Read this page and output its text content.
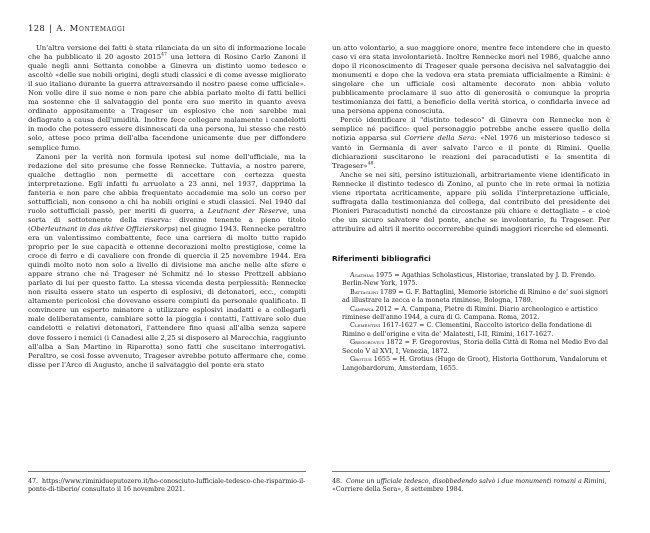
128 | A. Montemaggi

Un'altra versione dei fatti è stata rilanciata da un sito di informazione locale che ha pubblicato il 20 agosto 2015$^{47}$ una lettera di Rosino Carlo Zanoni il quale negli anni Settanta conobbe a Ginevra un distinto uomo tedesco e ascoltò «delle sue nobili origini, degli studi classici e di come avesse migliorato il suo italiano durante la guerra attraversando il nostro paese come ufficiale». Non volle dire il suo nome e non pare che abbia parlato molto di fatti bellici ma sostenne che il salvataggio del ponte era suo merito in quanto aveva ordinato appositamente a Trageser un esplosivo che non sarebbe mai deflagrato a causa dell'umidità. Inoltre fece collegare malamente i candelotti in modo che potessero essere disinnescati da una persona, lui stesso che restò solo, attese poco prima dell'alba facendone unicamente due per diffondere semplice fumo.

Zanoni per la verità non formula ipotesi sul nome dell'ufficiale, ma la redazione del sito presume che fosse Rennecke. Tuttavia, a nostro parere, qualche dettaglio non permette di accettare con certezza questa interpretazione. Egli infatti fu arruolato a 23 anni, nel 1937, dapprima la fanteria e non pare che abbia frequentato accademie ma solo un corso per sottufficiali, non consono a chi ha nobili origini e studi classici. Nel 1940 dal ruolo sottufficiali passò, per meriti di guerra, a Leutnant der Reserve, una sorta di sottotenente della riserva: divenne tenente a pieno titolo (Oberleutnant in das aktive Offizierskorps) nel giugno 1943. Rennecke peraltro era un valentissimo combattente, fece una carriera di molto tutto rapido proprio per le sue capacità e ottenne decorazioni molto prestigiose, come la croce di ferro e di cavaliere con fronde di quercia il 25 novembre 1944. Era quindi molto noto non solo a livello di divisione ma anche nelle alte sfere e appare strano che né Trageser né Schmitz né lo stesso Prettzell abbiano parlato di lui per questo fatto. La stessa vicenda desta perplessità: Rennecke non risulta essere stato un esperto di esplosivi, di detonatori, ecc., compiti altamente pericolosi che dovevano essere compiuti da personale qualificato. Il convincere un esperto minatore a utilizzare esplosivi inadatti e a collegarli male deliberatamente, cambiare sotto la pioggia i contatti, l'attivare solo due candelotti e relativi detonatori, l'attendere fino quasi all'alba senza sapere dove fossero i nemici (i Canadesi alle 2,25 si disposero al Marecchia, raggiunto all'alba a San Martino in Riparotta) sono fatti che suscitano interrogativi. Peraltro, se così fosse avvenuto, Trageser avrebbe potuto affermare che, come disse per l'Arco di Augusto, anche il salvataggio del ponte era stato

un atto volontario, a suo maggiore onore, mentre fece intendere che in questo caso vi era stata involontarietà. Inoltre Rennecke morì nel 1986, qualche anno dopo il riconoscimento di Trageser quale persona decisiva nel salvataggio dei monumenti e dopo che la vedova era stata premiata ufficialmente a Rimini: è singolare che un ufficiale così altamente decorato non abbia voluto pubblicamente proclamare il suo atto di generosità o comunque la propria testimonianza dei fatti, a beneficio della verità storica, o confidarla invece ad una persona appena conosciuta.

Perciò identificare il "distinto tedesco" di Ginevra con Rennecke non è semplice né pacifico: quel personaggio potrebbe anche essere quello della notizia apparsa sul Corriere della Sera: «Nel 1976 un misterioso tedesco si vantò in Germania di aver salvato l'arco e il ponte di Rimini. Quelle dichiarazioni suscitarono le reazioni dei paracadutisti e la smentita di Trageser»$^{48}$.

Anche se nei siti, persino istituzionali, arbitrariamente viene identificato in Rennecke il distinto tedesco di Zonino, al punto che in rete ormai la notizia viene riportata acriticamente, appare più solida l'interpretazione ufficiale, suffragata dalla testimonianza del collega, dal contributo del presidente dei Pionieri Paracadutisti nonché da circostanze più chiare e dettagliate – e cioè che un sicuro salvatore del ponte, anche se involontario, fu Trageser. Per attribuire ad altri il merito occorrerebbe quindi maggiori ricerche ed elementi.

Riferimenti bibliografici

Agathias 1975 = Agathias Scholasticus, Historiae, translated by J. D. Frendo. Berlin-New York, 1975.

Battaglini 1789 = G. F. Battaglini, Memorie istoriche di Rimino e de' suoi signori ad illustrare la zecca e la moneta riminese, Bologna, 1789.

Campana 2012 = A. Campana, Pietre di Rimini. Diario archeologico e artistico riminese dell'anno 1944, a cura di G. Campana. Roma, 2012.

Clementini 1617-1627 = C. Clementini, Raccolto istorico della fondatione di Rimino e dell'origine e vita de' Malatesti, I-II, Rimini, 1617-1627.

Gregorovius 1872 = F. Gregorovius, Storia della Città di Roma nel Medio Evo dal Secolo V al XVI, I, Venezia, 1872.

Grotius 1655 = H. Grotius (Hugo de Groot), Historia Gotthorum, Vandalorum et Langobardorum, Amsterdam, 1655.

47. https://www.riminidueputozero.it/ho-conosciuto-lufficiale-tedesco-che-risparmio-il-ponte-di-tiberio/ consultato il 16 novembre 2021.
48. Come un ufficiale tedesco, disobbedendo salvò i due monumenti romani a Rimini, «Corriere della Sera», 8 settembre 1984.
